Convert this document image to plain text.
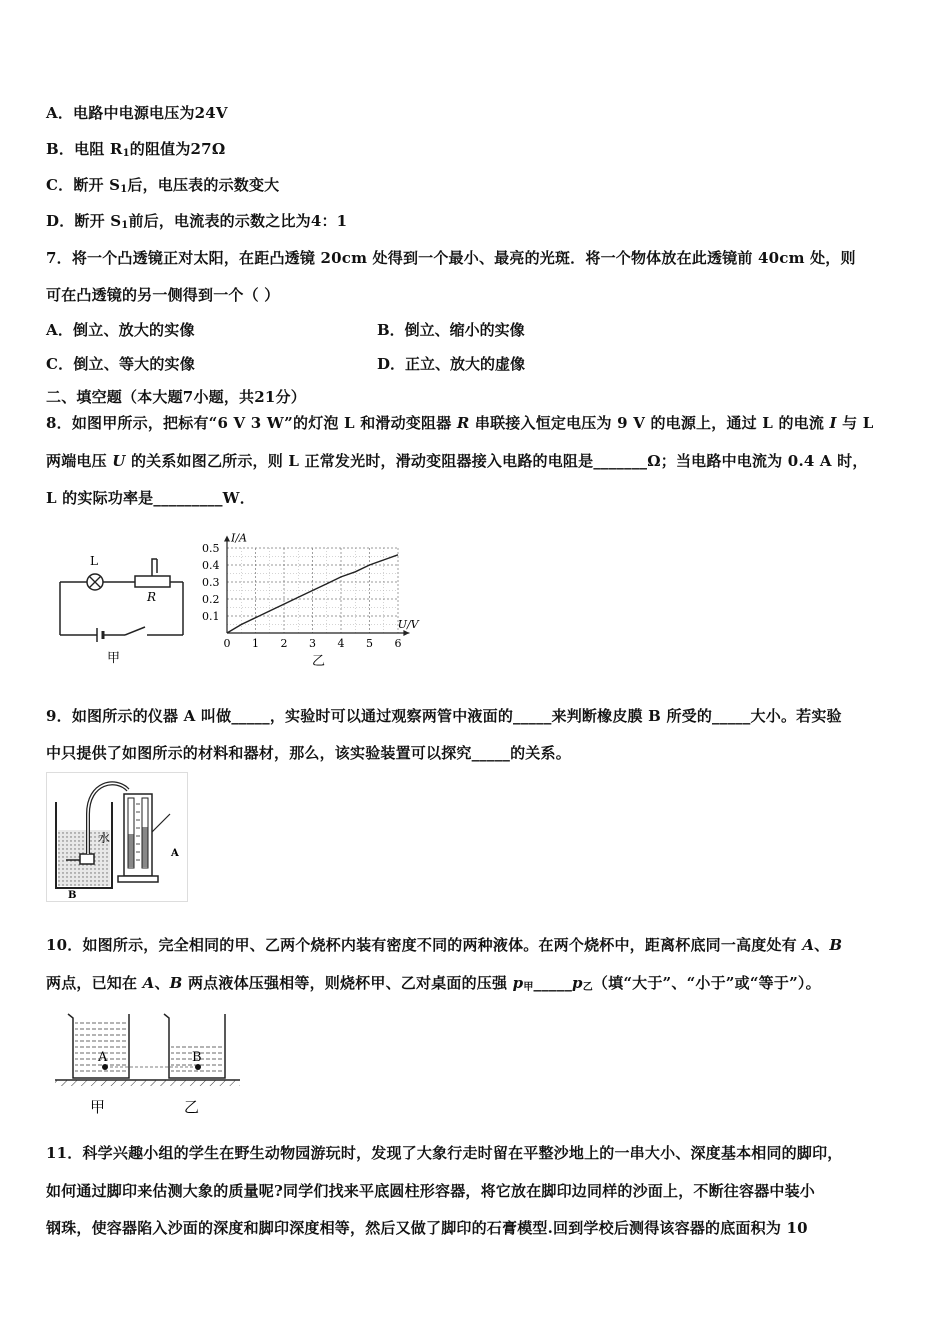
A．电路中电源电压为24V
B．电阻 $R_1$的阻值为27Ω
C．断开 $S_1$后，电压表的示数变大
D．断开 $S_1$前后，电流表的示数之比为4：1
7．将一个凸透镜正对太阳，在距凸透镜 20cm 处得到一个最小、最亮的光斑．将一个物体放在此透镜前 40cm 处，则
可在凸透镜的另一侧得到一个（ ）
A．倒立、放大的实像	B．倒立、缩小的实像
C．倒立、等大的实像	D．正立、放大的虚像
二、填空题（本大题7小题，共21分）
8．如图甲所示，把标有“6 V 3 W”的灯泡 L 和滑动变阻器 R 串联接入恒定电压为 9 V 的电源上，通过 L 的电流 I 与 L
两端电压 U 的关系如图乙所示，则 L 正常发光时，滑动变阻器接入电路的电阻是_______Ω；当电路中电流为 0.4 A 时，
L 的实际功率是_________W．
L
R
甲
0 1 2 3 4 5 6
0.1
0.2
0.3
0.4
0.5
I/A
U/V
乙
9．如图所示的仪器 A 叫做_____，实验时可以通过观察两管中液面的_____来判断橡皮膜 B 所受的_____大小。若实验
中只提供了如图所示的材料和器材，那么，该实验装置可以探究_____的关系。
水
A
B
10．如图所示，完全相同的甲、乙两个烧杯内装有密度不同的两种液体。在两个烧杯中，距离杯底同一高度处有 A、B
两点，已知在 A、B 两点液体压强相等，则烧杯甲、乙对桌面的压强 $p_甲\_\_\_\_\_p_乙$（填“大于”、“小于”或“等于”）。
A	B
甲	乙
11．科学兴趣小组的学生在野生动物园游玩时，发现了大象行走时留在平整沙地上的一串大小、深度基本相同的脚印，
如何通过脚印来估测大象的质量呢?同学们找来平底圆柱形容器，将它放在脚印边同样的沙面上，不断往容器中装小
钢珠，使容器陷入沙面的深度和脚印深度相等，然后又做了脚印的石膏模型.回到学校后测得该容器的底面积为 10
